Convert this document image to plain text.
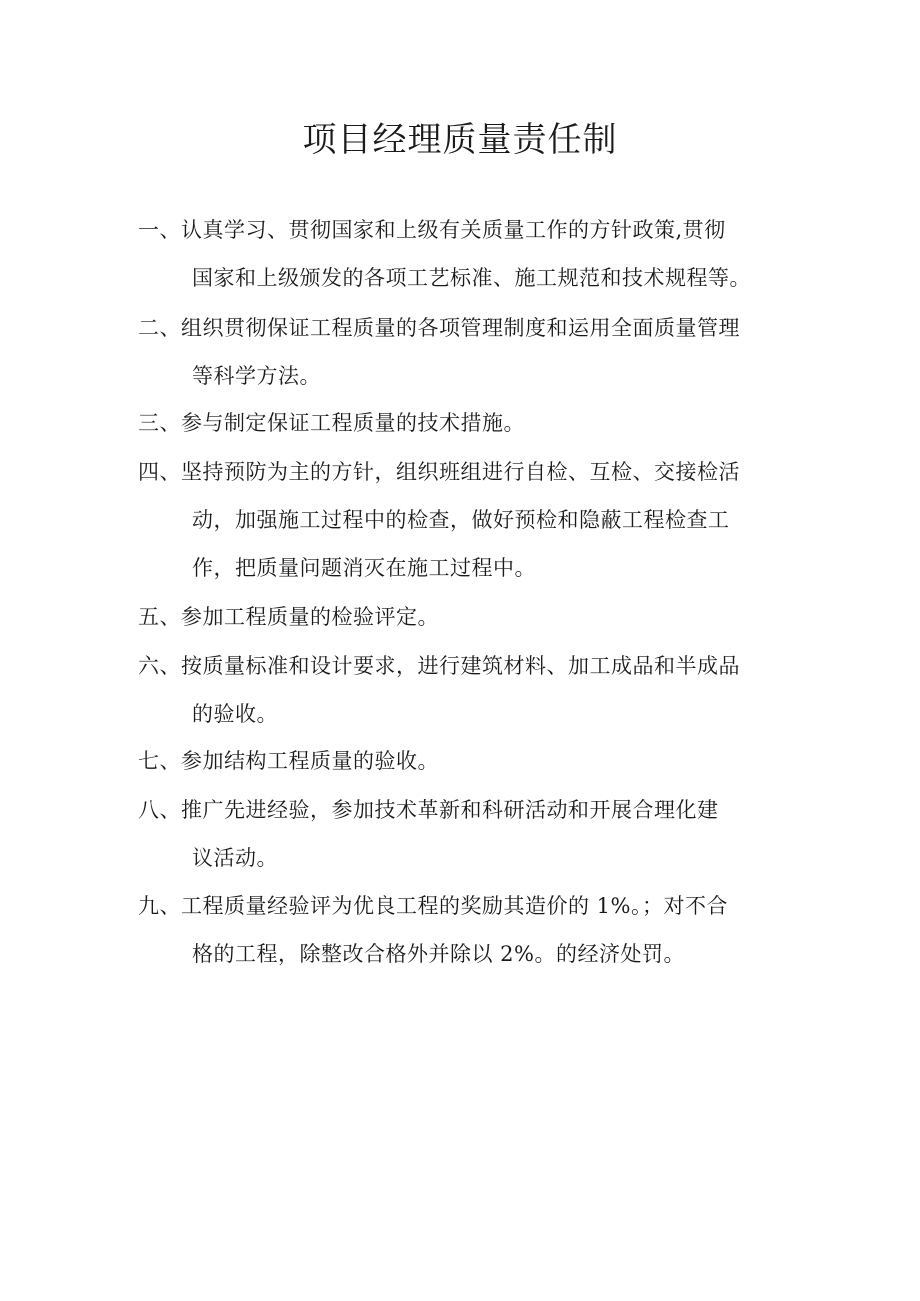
项目经理质量责任制
一、认真学习、贯彻国家和上级有关质量工作的方针政策,贯彻
国家和上级颁发的各项工艺标准、施工规范和技术规程等。
二、组织贯彻保证工程质量的各项管理制度和运用全面质量管理
等科学方法。
三、参与制定保证工程质量的技术措施。
四、坚持预防为主的方针，组织班组进行自检、互检、交接检活
动，加强施工过程中的检查，做好预检和隐蔽工程检查工
作，把质量问题消灭在施工过程中。
五、参加工程质量的检验评定。
六、按质量标准和设计要求，进行建筑材料、加工成品和半成品
的验收。
七、参加结构工程质量的验收。
八、推广先进经验，参加技术革新和科研活动和开展合理化建
议活动。
九、工程质量经验评为优良工程的奖励其造价的 1%。；对不合
格的工程，除整改合格外并除以 2%。的经济处罚。
